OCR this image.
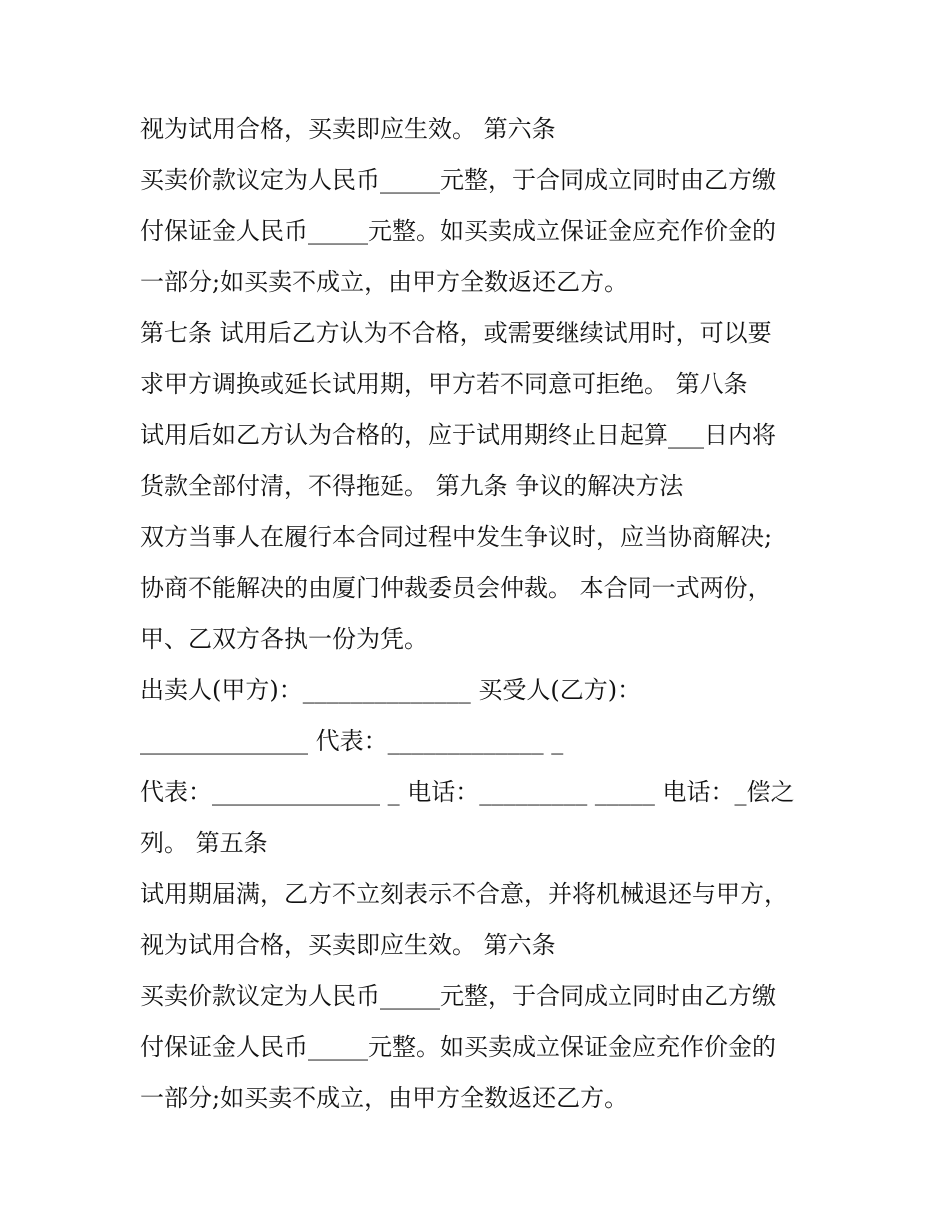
视为试用合格，买卖即应生效。 第六条
买卖价款议定为人民币_____元整，于合同成立同时由乙方缴
付保证金人民币_____元整。如买卖成立保证金应充作价金的
一部分;如买卖不成立，由甲方全数返还乙方。
第七条 试用后乙方认为不合格，或需要继续试用时，可以要
求甲方调换或延长试用期，甲方若不同意可拒绝。 第八条
试用后如乙方认为合格的，应于试用期终止日起算___日内将
货款全部付清，不得拖延。 第九条 争议的解决方法
双方当事人在履行本合同过程中发生争议时，应当协商解决;
协商不能解决的由厦门仲裁委员会仲裁。 本合同一式两份，
甲、乙双方各执一份为凭。
出卖人(甲方)：______________ 买受人(乙方)：
______________ 代表：_____________ _
代表：______________ _ 电话：_________ _____ 电话：_偿之
列。 第五条
试用期届满，乙方不立刻表示不合意，并将机械退还与甲方，
视为试用合格，买卖即应生效。 第六条
买卖价款议定为人民币_____元整，于合同成立同时由乙方缴
付保证金人民币_____元整。如买卖成立保证金应充作价金的
一部分;如买卖不成立，由甲方全数返还乙方。
